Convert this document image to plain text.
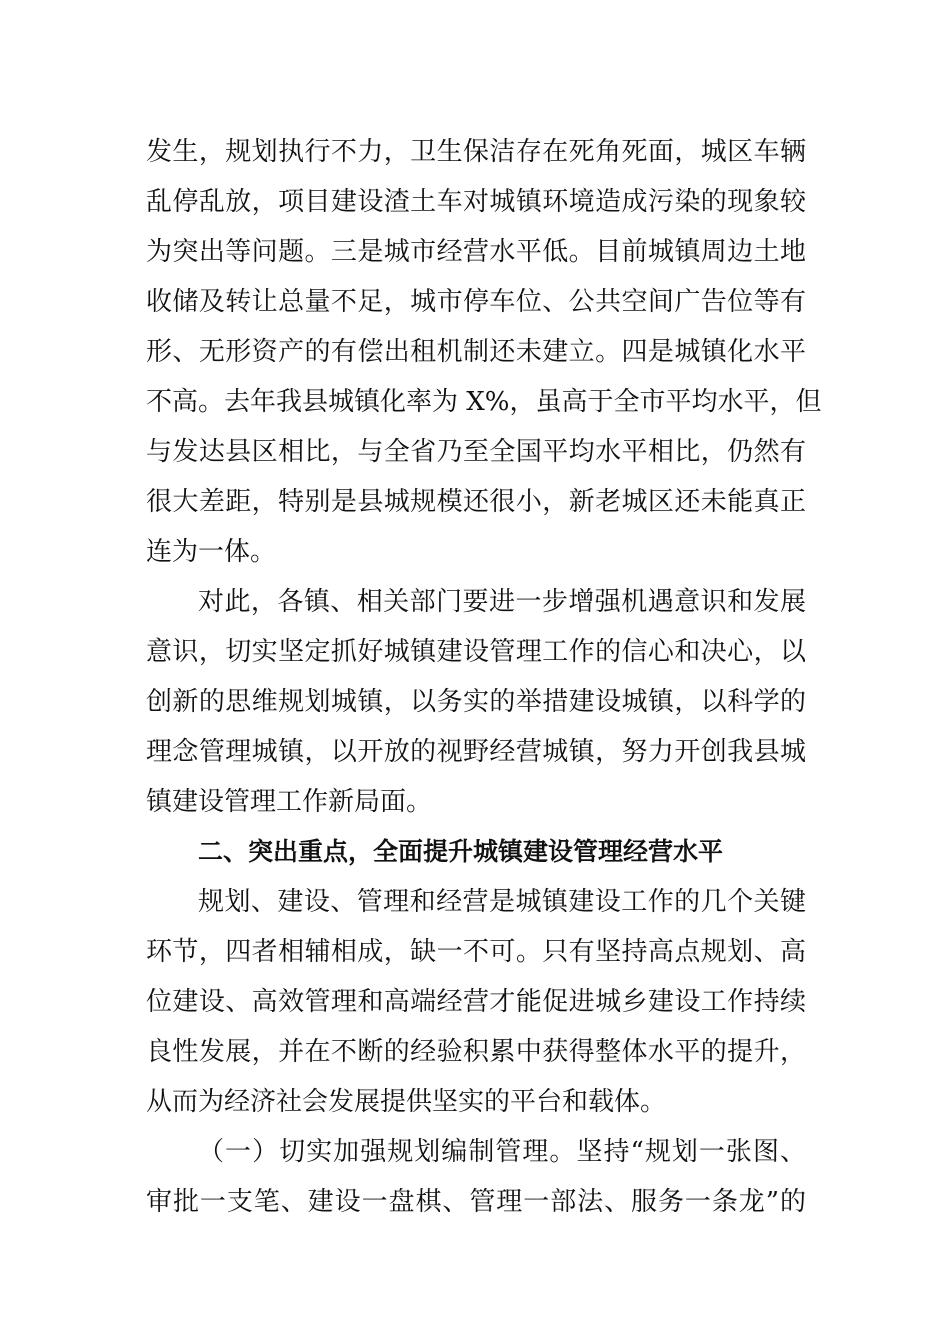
发生，规划执行不力，卫生保洁存在死角死面，城区车辆
乱停乱放，项目建设渣土车对城镇环境造成污染的现象较
为突出等问题。三是城市经营水平低。目前城镇周边土地
收储及转让总量不足，城市停车位、公共空间广告位等有
形、无形资产的有偿出租机制还未建立。四是城镇化水平
不高。去年我县城镇化率为 X%，虽高于全市平均水平，但
与发达县区相比，与全省乃至全国平均水平相比，仍然有
很大差距，特别是县城规模还很小，新老城区还未能真正
连为一体。
对此，各镇、相关部门要进一步增强机遇意识和发展
意识，切实坚定抓好城镇建设管理工作的信心和决心，以
创新的思维规划城镇，以务实的举措建设城镇，以科学的
理念管理城镇，以开放的视野经营城镇，努力开创我县城
镇建设管理工作新局面。
二、突出重点，全面提升城镇建设管理经营水平
规划、建设、管理和经营是城镇建设工作的几个关键
环节，四者相辅相成，缺一不可。只有坚持高点规划、高
位建设、高效管理和高端经营才能促进城乡建设工作持续
良性发展，并在不断的经验积累中获得整体水平的提升，
从而为经济社会发展提供坚实的平台和载体。
（一）切实加强规划编制管理。坚持“规划一张图、
审批一支笔、建设一盘棋、管理一部法、服务一条龙”的
